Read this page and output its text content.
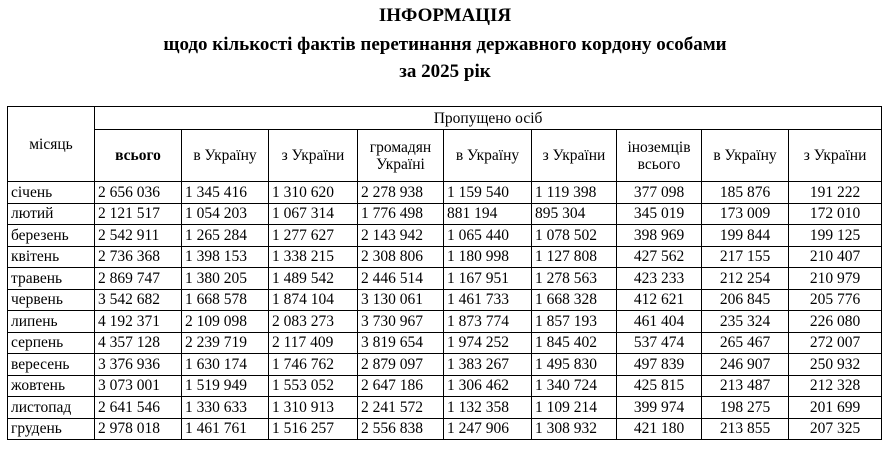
ІНФОРМАЦІЯ
щодо кількості фактів перетинання державного кордону особами
за 2025 рік
місяць	Пропущено осіб								
	всього	в Україну	з України	громадян Україні	в Україну	з України	іноземців всього	в Україну	з України
січень	2 656 036	1 345 416	1 310 620	2 278 938	1 159 540	1 119 398	377 098	185 876	191 222
лютий	2 121 517	1 054 203	1 067 314	1 776 498	881 194	895 304	345 019	173 009	172 010
березень	2 542 911	1 265 284	1 277 627	2 143 942	1 065 440	1 078 502	398 969	199 844	199 125
квітень	2 736 368	1 398 153	1 338 215	2 308 806	1 180 998	1 127 808	427 562	217 155	210 407
травень	2 869 747	1 380 205	1 489 542	2 446 514	1 167 951	1 278 563	423 233	212 254	210 979
червень	3 542 682	1 668 578	1 874 104	3 130 061	1 461 733	1 668 328	412 621	206 845	205 776
липень	4 192 371	2 109 098	2 083 273	3 730 967	1 873 774	1 857 193	461 404	235 324	226 080
серпень	4 357 128	2 239 719	2 117 409	3 819 654	1 974 252	1 845 402	537 474	265 467	272 007
вересень	3 376 936	1 630 174	1 746 762	2 879 097	1 383 267	1 495 830	497 839	246 907	250 932
жовтень	3 073 001	1 519 949	1 553 052	2 647 186	1 306 462	1 340 724	425 815	213 487	212 328
листопад	2 641 546	1 330 633	1 310 913	2 241 572	1 132 358	1 109 214	399 974	198 275	201 699
грудень	2 978 018	1 461 761	1 516 257	2 556 838	1 247 906	1 308 932	421 180	213 855	207 325
